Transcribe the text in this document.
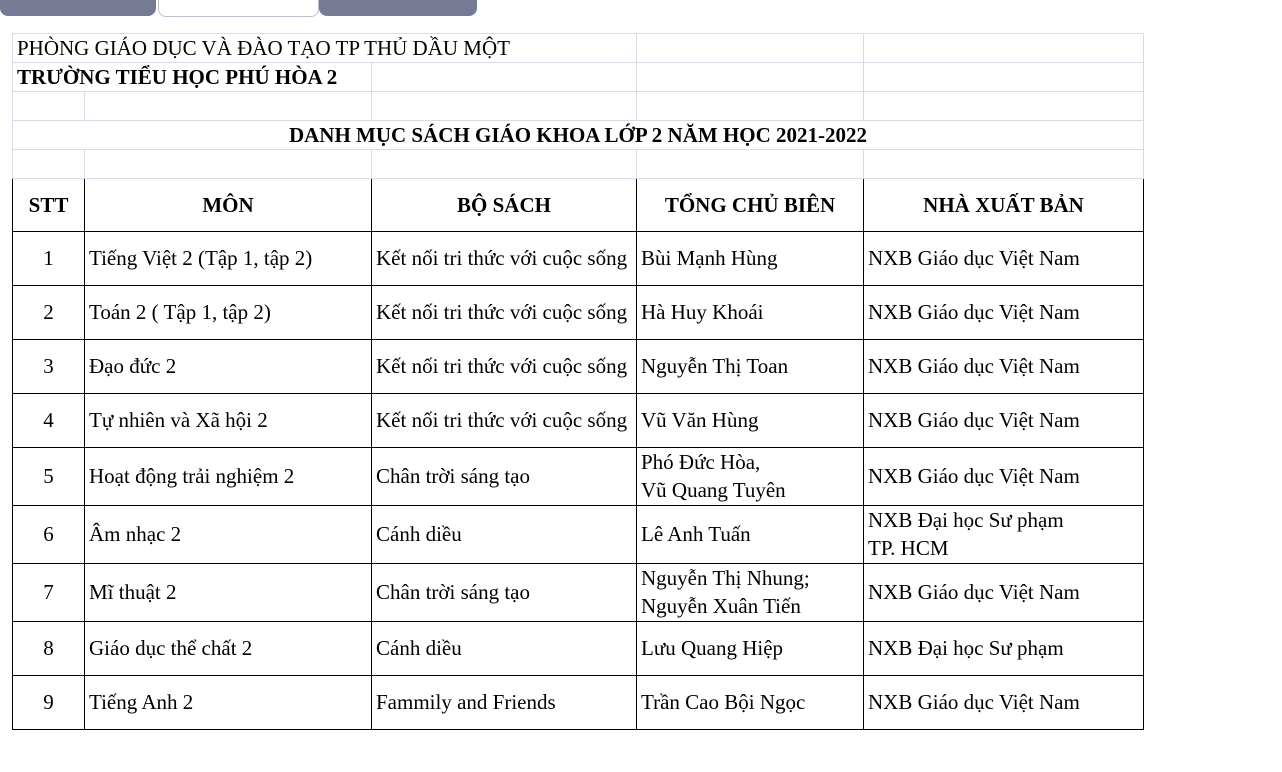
PHÒNG GIÁO DỤC VÀ ĐÀO TẠO TP THỦ DẦU MỘT				
TRƯỜNG TIỂU HỌC PHÚ HÒA 2				

DANH MỤC SÁCH GIÁO KHOA LỚP 2 NĂM HỌC 2021-2022				

STT	MÔN	BỘ SÁCH	TỔNG CHỦ BIÊN	NHÀ XUẤT BẢN
1	Tiếng Việt 2 (Tập 1, tập 2)	Kết nối tri thức với cuộc sống	Bùi Mạnh Hùng	NXB Giáo dục Việt Nam

2	Toán 2 ( Tập 1, tập 2)	Kết nối tri thức với cuộc sống	Hà Huy Khoái	NXB Giáo dục Việt Nam

3	Đạo đức 2	Kết nối tri thức với cuộc sống	Nguyễn Thị Toan	NXB Giáo dục Việt Nam

4	Tự nhiên và Xã hội 2	Kết nối tri thức với cuộc sống	Vũ Văn Hùng	NXB Giáo dục Việt Nam

5	Hoạt động trải nghiệm 2	Chân trời sáng tạo	Phó Đức Hòa,
Vũ Quang Tuyên	NXB Giáo dục Việt Nam

6	Âm nhạc 2	Cánh diều	Lê Anh Tuấn	NXB Đại học Sư phạm
TP. HCM

7	Mĩ thuật 2	Chân trời sáng tạo	Nguyễn Thị Nhung;
Nguyễn Xuân Tiến	NXB Giáo dục Việt Nam

8	Giáo dục thể chất 2	Cánh diều	Lưu Quang Hiệp	NXB Đại học Sư phạm

9	Tiếng Anh 2	Fammily and Friends	Trần Cao Bội Ngọc	NXB Giáo dục Việt Nam
